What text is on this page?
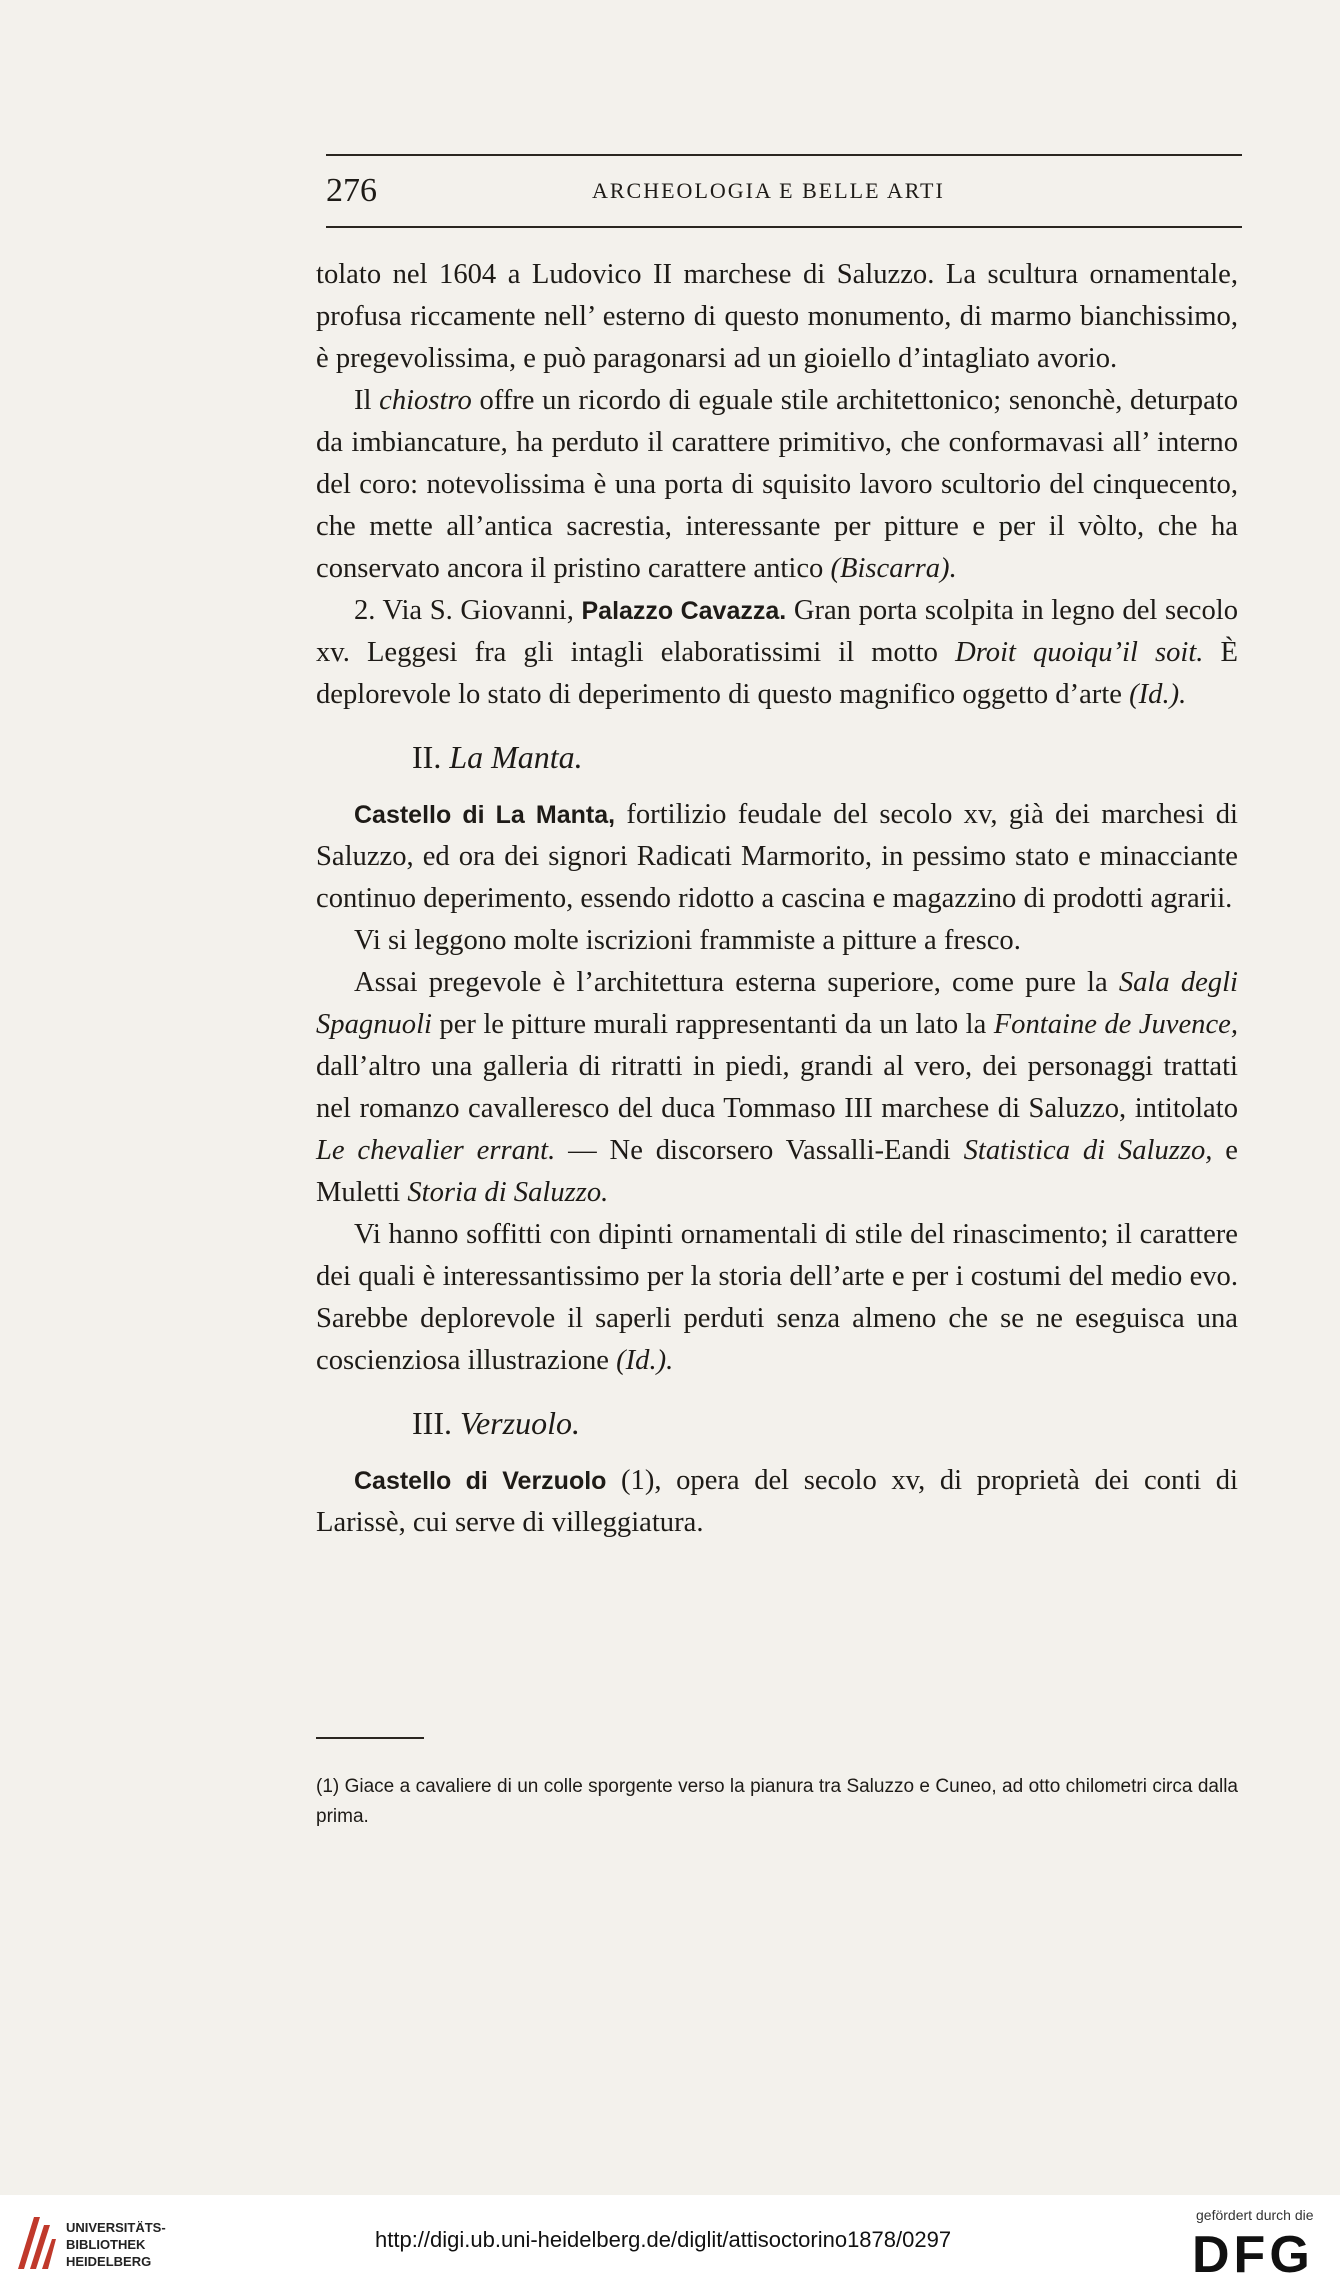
276	ARCHEOLOGIA E BELLE ARTI

tolato nel 1604 a Ludovico II marchese di Saluzzo. La scultura ornamentale, profusa riccamente nell’ esterno di questo monumento, di marmo bianchissimo, è pregevolissima, e può paragonarsi ad un gioiello d’intagliato avorio.

Il chiostro offre un ricordo di eguale stile architettonico; senonchè, deturpato da imbiancature, ha perduto il carattere primitivo, che conformavasi all’ interno del coro: notevolissima è una porta di squisito lavoro scultorio del cinquecento, che mette all’antica sacrestia, interessante per pitture e per il vòlto, che ha conservato ancora il pristino carattere antico (Biscarra).

2. Via S. Giovanni, Palazzo Cavazza. Gran porta scolpita in legno del secolo xv. Leggesi fra gli intagli elaboratissimi il motto Droit quoiqu’il soit. È deplorevole lo stato di deperimento di questo magnifico oggetto d’arte (Id.).

II. La Manta.

Castello di La Manta, fortilizio feudale del secolo xv, già dei marchesi di Saluzzo, ed ora dei signori Radicati Marmorito, in pessimo stato e minacciante continuo deperimento, essendo ridotto a cascina e magazzino di prodotti agrarii.

Vi si leggono molte iscrizioni frammiste a pitture a fresco.

Assai pregevole è l’architettura esterna superiore, come pure la Sala degli Spagnuoli per le pitture murali rappresentanti da un lato la Fontaine de Juvence, dall’altro una galleria di ritratti in piedi, grandi al vero, dei personaggi trattati nel romanzo cavalleresco del duca Tommaso III marchese di Saluzzo, intitolato Le chevalier errant. — Ne discorsero Vassalli-Eandi Statistica di Saluzzo, e Muletti Storia di Saluzzo.

Vi hanno soffitti con dipinti ornamentali di stile del rinascimento; il carattere dei quali è interessantissimo per la storia dell’arte e per i costumi del medio evo. Sarebbe deplorevole il saperli perduti senza almeno che se ne eseguisca una coscienziosa illustrazione (Id.).

III. Verzuolo.

Castello di Verzuolo (1), opera del secolo xv, di proprietà dei conti di Larissè, cui serve di villeggiatura.

(1) Giace a cavaliere di un colle sporgente verso la pianura tra Saluzzo e Cuneo, ad otto chilometri circa dalla prima.
UNIVERSITÄTS-
BIBLIOTHEK
HEIDELBERG
http://digi.ub.uni-heidelberg.de/diglit/attisoctorino1878/0297
gefördert durch die
DFG
